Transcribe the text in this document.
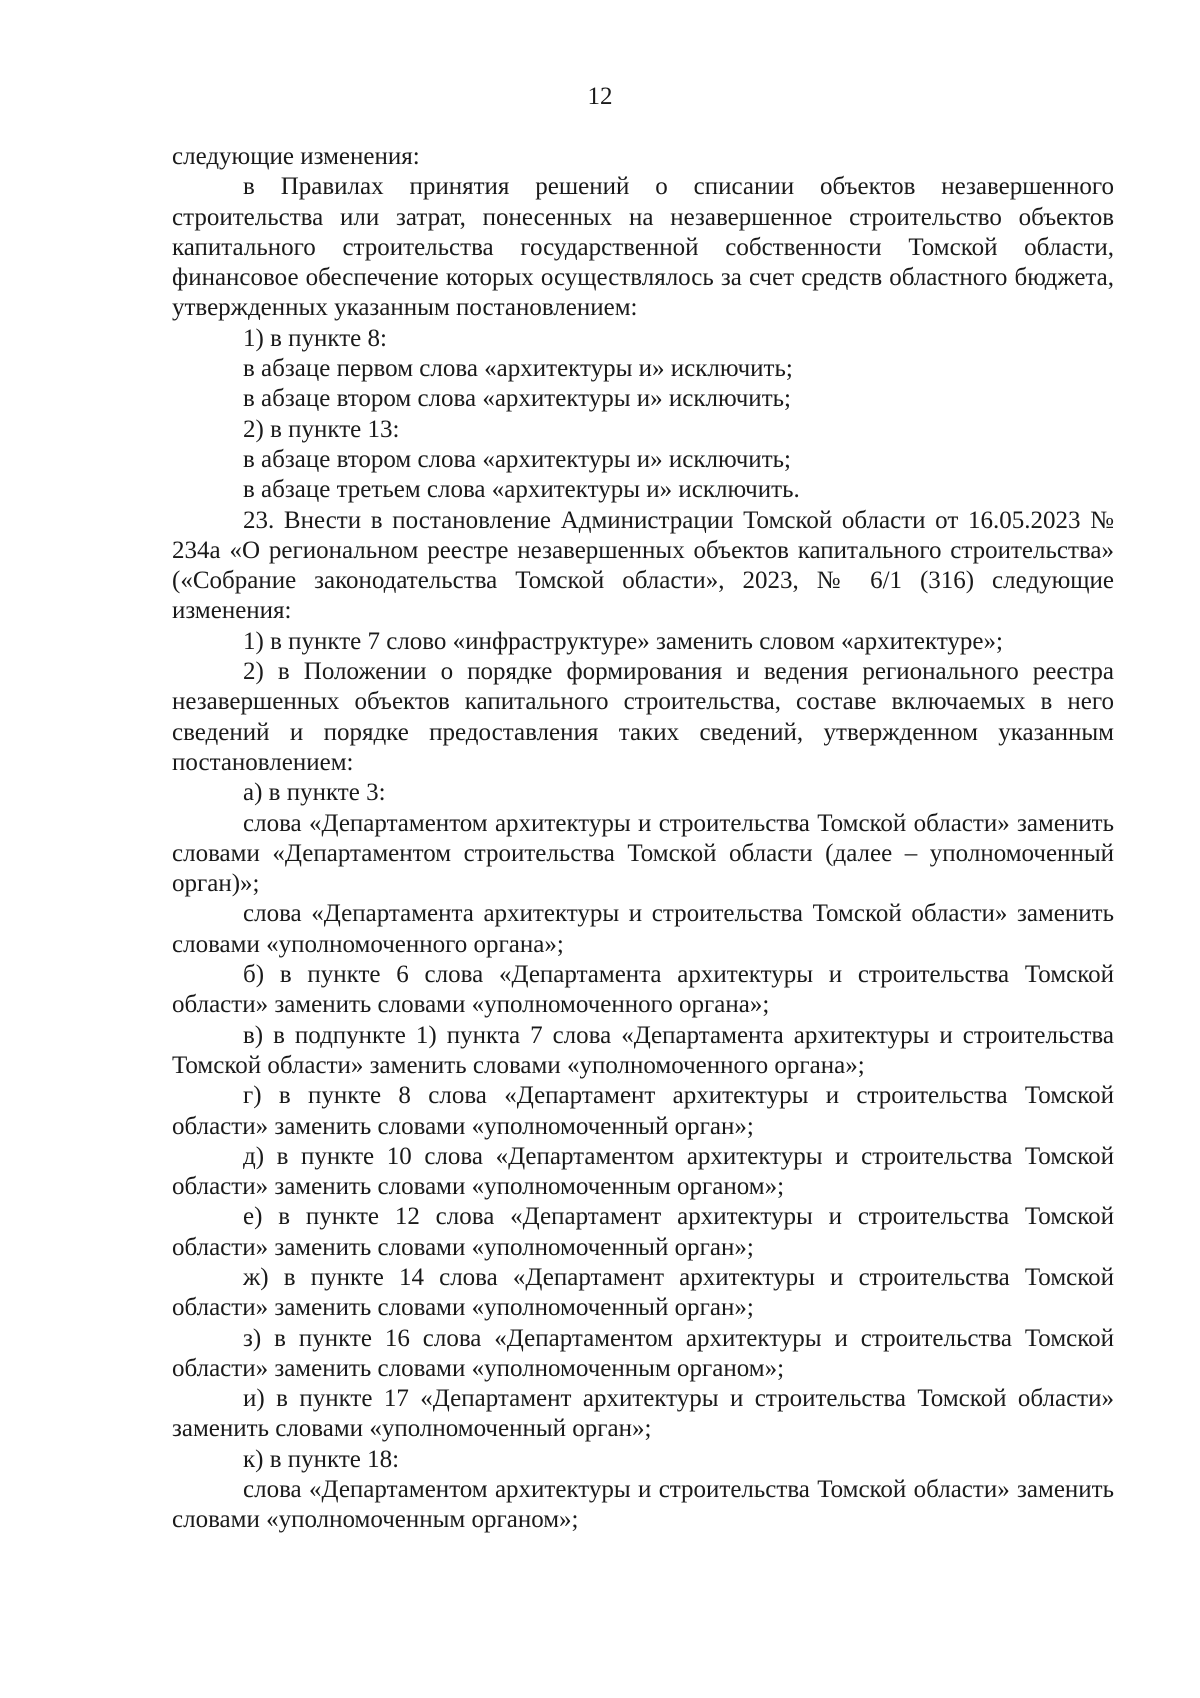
12

следующие изменения:

в Правилах принятия решений о списании объектов незавершенного строительства или затрат, понесенных на незавершенное строительство объектов капитального строительства государственной собственности Томской области, финансовое обеспечение которых осуществлялось за счет средств областного бюджета, утвержденных указанным постановлением:

1) в пункте 8:

в абзаце первом слова «архитектуры и» исключить;

в абзаце втором слова «архитектуры и» исключить;

2) в пункте 13:

в абзаце втором слова «архитектуры и» исключить;

в абзаце третьем слова «архитектуры и» исключить.

23. Внести в постановление Администрации Томской области от 16.05.2023 № 234а «О региональном реестре незавершенных объектов капитального строительства» («Собрание законодательства Томской области», 2023, № 6/1 (316) следующие изменения:

1) в пункте 7 слово «инфраструктуре» заменить словом «архитектуре»;

2) в Положении о порядке формирования и ведения регионального реестра незавершенных объектов капитального строительства, составе включаемых в него сведений и порядке предоставления таких сведений, утвержденном указанным постановлением:

а) в пункте 3:

слова «Департаментом архитектуры и строительства Томской области» заменить словами «Департаментом строительства Томской области (далее – уполномоченный орган)»;

слова «Департамента архитектуры и строительства Томской области» заменить словами «уполномоченного органа»;

б) в пункте 6 слова «Департамента архитектуры и строительства Томской области» заменить словами «уполномоченного органа»;

в) в подпункте 1) пункта 7 слова «Департамента архитектуры и строительства Томской области» заменить словами «уполномоченного органа»;

г) в пункте 8 слова «Департамент архитектуры и строительства Томской области» заменить словами «уполномоченный орган»;

д) в пункте 10 слова «Департаментом архитектуры и строительства Томской области» заменить словами «уполномоченным органом»;

е) в пункте 12 слова «Департамент архитектуры и строительства Томской области» заменить словами «уполномоченный орган»;

ж) в пункте 14 слова «Департамент архитектуры и строительства Томской области» заменить словами «уполномоченный орган»;

з) в пункте 16 слова «Департаментом архитектуры и строительства Томской области» заменить словами «уполномоченным органом»;

и) в пункте 17 «Департамент архитектуры и строительства Томской области» заменить словами «уполномоченный орган»;

к) в пункте 18:

слова «Департаментом архитектуры и строительства Томской области» заменить словами «уполномоченным органом»;
